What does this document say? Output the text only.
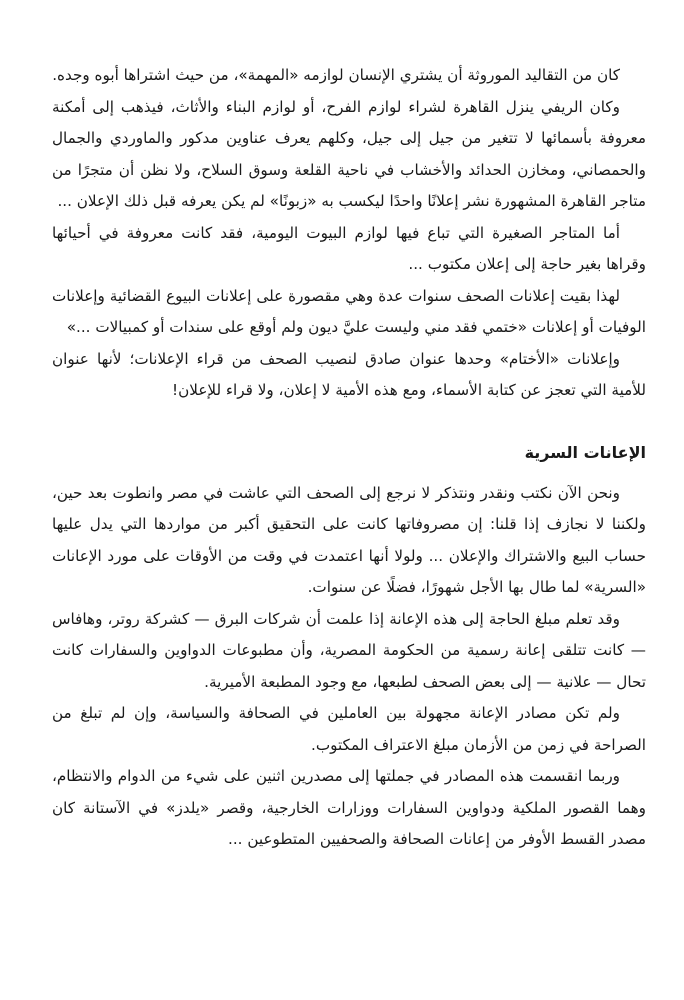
كان من التقاليد الموروثة أن يشتري الإنسان لوازمه «المهمة»، من حيث اشتراها أبوه وجده.

وكان الريفي ينزل القاهرة لشراء لوازم الفرح، أو لوازم البناء والأثاث، فيذهب إلى أمكنة معروفة بأسمائها لا تتغير من جيل إلى جيل، وكلهم يعرف عناوين مدكور والماوردي والجمال والحمصاني، ومخازن الحدائد والأخشاب في ناحية القلعة وسوق السلاح، ولا نظن أن متجرًا من متاجر القاهرة المشهورة نشر إعلانًا واحدًا ليكسب به «زبونًا» لم يكن يعرفه قبل ذلك الإعلان ...

أما المتاجر الصغيرة التي تباع فيها لوازم البيوت اليومية، فقد كانت معروفة في أحيائها وقراها بغير حاجة إلى إعلان مكتوب ...

لهذا بقيت إعلانات الصحف سنوات عدة وهي مقصورة على إعلانات البيوع القضائية وإعلانات الوفيات أو إعلانات «ختمي فقد مني وليست عليَّ ديون ولم أوقع على سندات أو كمبيالات ...»

وإعلانات «الأختام» وحدها عنوان صادق لنصيب الصحف من قراء الإعلانات؛ لأنها عنوان للأمية التي تعجز عن كتابة الأسماء، ومع هذه الأمية لا إعلان، ولا قراء للإعلان!

الإعانات السرية

ونحن الآن نكتب ونقدر ونتذكر لا نرجع إلى الصحف التي عاشت في مصر وانطوت بعد حين، ولكننا لا نجازف إذا قلنا: إن مصروفاتها كانت على التحقيق أكبر من مواردها التي يدل عليها حساب البيع والاشتراك والإعلان ... ولولا أنها اعتمدت في وقت من الأوقات على مورد الإعانات «السرية» لما طال بها الأجل شهورًا، فضلًا عن سنوات.

وقد تعلم مبلغ الحاجة إلى هذه الإعانة إذا علمت أن شركات البرق — كشركة روتر، وهافاس — كانت تتلقى إعانة رسمية من الحكومة المصرية، وأن مطبوعات الدواوين والسفارات كانت تحال — علانية — إلى بعض الصحف لطبعها، مع وجود المطبعة الأميرية.

ولم تكن مصادر الإعانة مجهولة بين العاملين في الصحافة والسياسة، وإن لم تبلغ من الصراحة في زمن من الأزمان مبلغ الاعتراف المكتوب.

وربما انقسمت هذه المصادر في جملتها إلى مصدرين اثنين على شيء من الدوام والانتظام، وهما القصور الملكية ودواوين السفارات ووزارات الخارجية، وقصر «يلدز» في الآستانة كان مصدر القسط الأوفر من إعانات الصحافة والصحفيين المتطوعين ...
